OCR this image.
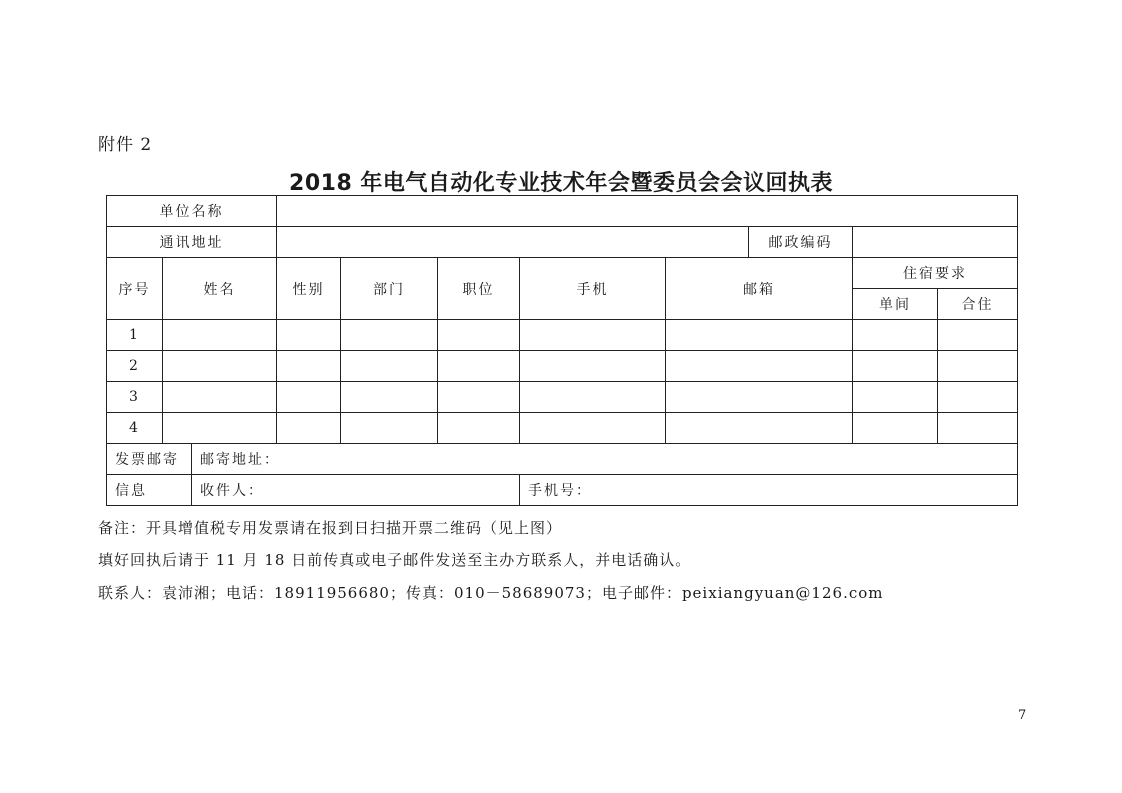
附件 2
2018 年电气自动化专业技术年会暨委员会会议回执表
单位名称										
通讯地址								邮政编码		
序号	姓名		性别	部门	职位	手机	邮箱		住宿要求	
									单间	合住
1										
2										
3										
4										
发票邮寄		邮寄地址：								
信息		收件人：				手机号：				
备注：开具增值税专用发票请在报到日扫描开票二维码（见上图）
填好回执后请于 11 月 18 日前传真或电子邮件发送至主办方联系人，并电话确认。
联系人：袁沛湘；电话：18911956680；传真：010－58689073；电子邮件：peixiangyuan@126.com
7
